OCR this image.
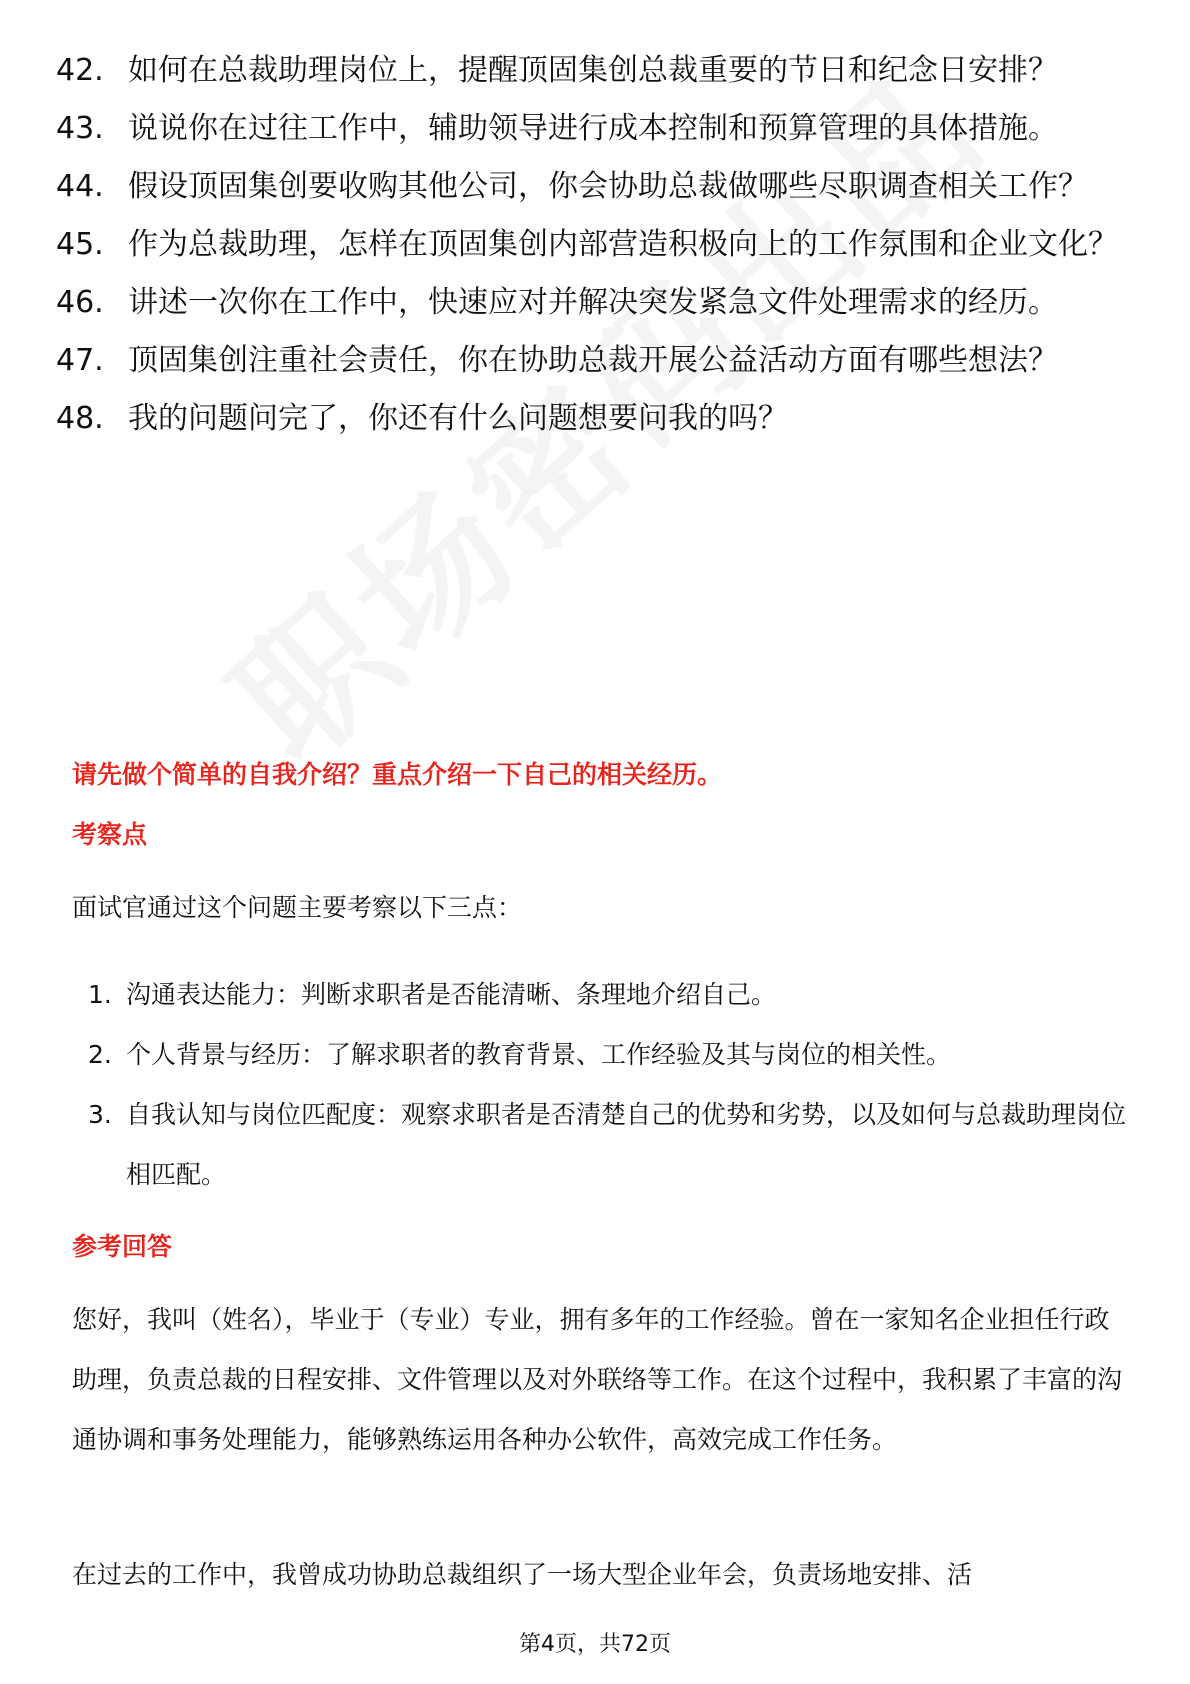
42. 如何在总裁助理岗位上，提醒顶固集创总裁重要的节日和纪念日安排？
43. 说说你在过往工作中，辅助领导进行成本控制和预算管理的具体措施。
44. 假设顶固集创要收购其他公司，你会协助总裁做哪些尽职调查相关工作？
45. 作为总裁助理，怎样在顶固集创内部营造积极向上的工作氛围和企业文化？
46. 讲述一次你在工作中，快速应对并解决突发紧急文件处理需求的经历。
47. 顶固集创注重社会责任，你在协助总裁开展公益活动方面有哪些想法？
48. 我的问题问完了，你还有什么问题想要问我的吗？
请先做个简单的自我介绍？重点介绍一下自己的相关经历。
考察点
面试官通过这个问题主要考察以下三点：
1. 沟通表达能力：判断求职者是否能清晰、条理地介绍自己。
2. 个人背景与经历：了解求职者的教育背景、工作经验及其与岗位的相关性。
3. 自我认知与岗位匹配度：观察求职者是否清楚自己的优势和劣势，以及如何与总裁助理岗位相匹配。
参考回答
您好，我叫（姓名），毕业于（专业）专业，拥有多年的工作经验。曾在一家知名企业担任行政助理，负责总裁的日程安排、文件管理以及对外联络等工作。在这个过程中，我积累了丰富的沟通协调和事务处理能力，能够熟练运用各种办公软件，高效完成工作任务。
在过去的工作中，我曾成功协助总裁组织了一场大型企业年会，负责场地安排、活
第4页，共72页
